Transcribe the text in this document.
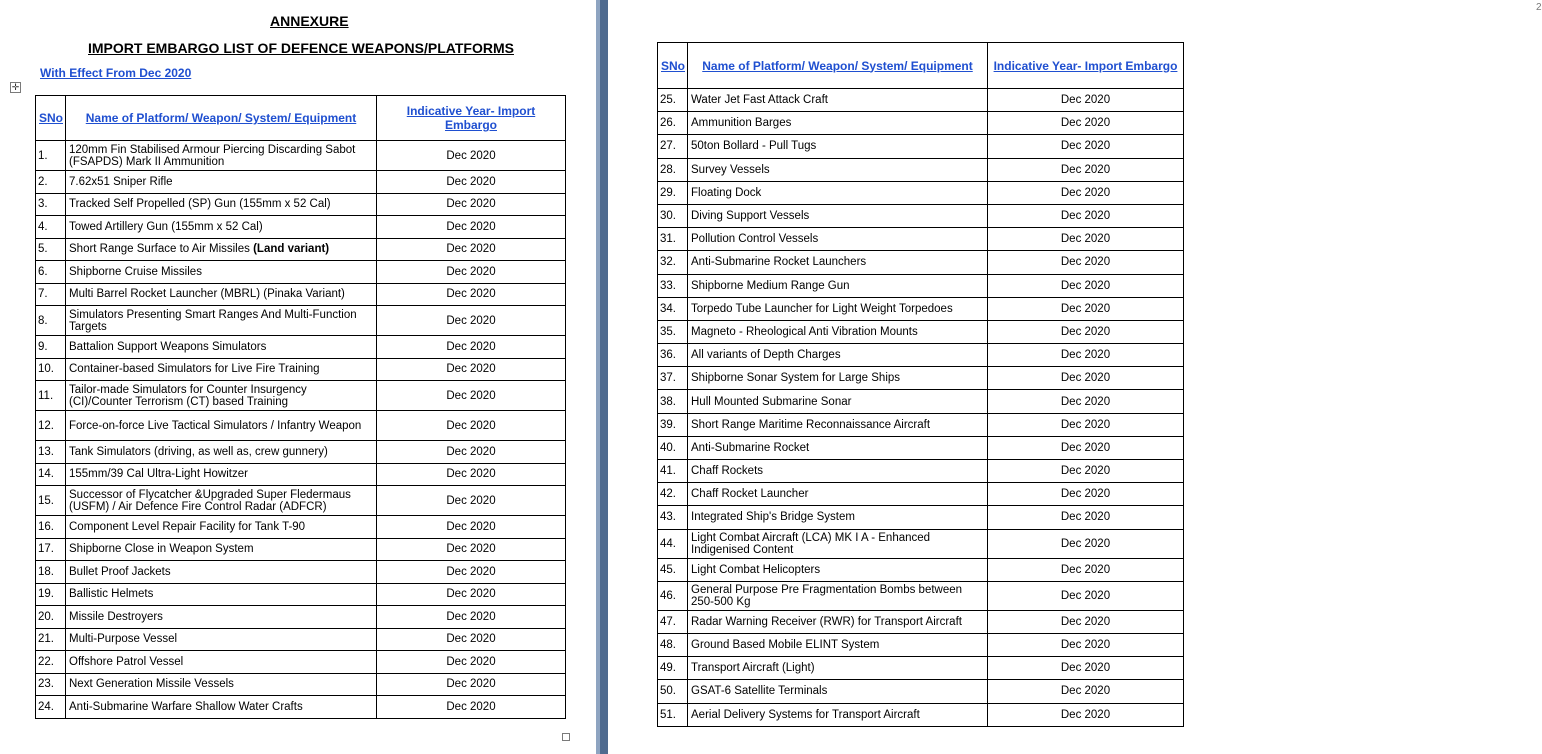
ANNEXURE
IMPORT EMBARGO LIST OF DEFENCE WEAPONS/PLATFORMS
With Effect From Dec 2020
✛
SNo	Name of Platform/ Weapon/ System/ Equipment	Indicative Year- Import Embargo
1.	120mm Fin Stabilised Armour Piercing Discarding Sabot (FSAPDS) Mark II Ammunition	Dec 2020
2.	7.62x51 Sniper Rifle	Dec 2020
3.	Tracked Self Propelled (SP) Gun (155mm x 52 Cal)	Dec 2020
4.	Towed Artillery Gun (155mm x 52 Cal)	Dec 2020
5.	Short Range Surface to Air Missiles (Land variant)	Dec 2020
6.	Shipborne Cruise Missiles	Dec 2020
7.	Multi Barrel Rocket Launcher (MBRL) (Pinaka Variant)	Dec 2020
8.	Simulators Presenting Smart Ranges And Multi-Function Targets	Dec 2020
9.	Battalion Support Weapons Simulators	Dec 2020
10.	Container-based Simulators for Live Fire Training	Dec 2020
11.	Tailor-made Simulators for Counter Insurgency (CI)/Counter Terrorism (CT) based Training	Dec 2020
12.	Force-on-force Live Tactical Simulators / Infantry Weapon	Dec 2020
13.	Tank Simulators (driving, as well as, crew gunnery)	Dec 2020
14.	155mm/39 Cal Ultra-Light Howitzer	Dec 2020
15.	Successor of Flycatcher &Upgraded Super Fledermaus (USFM) / Air Defence Fire Control Radar (ADFCR)	Dec 2020
16.	Component Level Repair Facility for Tank T-90	Dec 2020
17.	Shipborne Close in Weapon System	Dec 2020
18.	Bullet Proof Jackets	Dec 2020
19.	Ballistic Helmets	Dec 2020
20.	Missile Destroyers	Dec 2020
21.	Multi-Purpose Vessel	Dec 2020
22.	Offshore Patrol Vessel	Dec 2020
23.	Next Generation Missile Vessels	Dec 2020
24.	Anti-Submarine Warfare Shallow Water Crafts	Dec 2020
2
SNo	Name of Platform/ Weapon/ System/ Equipment	Indicative Year- Import Embargo
25.	Water Jet Fast Attack Craft	Dec 2020
26.	Ammunition Barges	Dec 2020
27.	50ton Bollard - Pull Tugs	Dec 2020
28.	Survey Vessels	Dec 2020
29.	Floating Dock	Dec 2020
30.	Diving Support Vessels	Dec 2020
31.	Pollution Control Vessels	Dec 2020
32.	Anti-Submarine Rocket Launchers	Dec 2020
33.	Shipborne Medium Range Gun	Dec 2020
34.	Torpedo Tube Launcher for Light Weight Torpedoes	Dec 2020
35.	Magneto - Rheological Anti Vibration Mounts	Dec 2020
36.	All variants of Depth Charges	Dec 2020
37.	Shipborne Sonar System for Large Ships	Dec 2020
38.	Hull Mounted Submarine Sonar	Dec 2020
39.	Short Range Maritime Reconnaissance Aircraft	Dec 2020
40.	Anti-Submarine Rocket	Dec 2020
41.	Chaff Rockets	Dec 2020
42.	Chaff Rocket Launcher	Dec 2020
43.	Integrated Ship's Bridge System	Dec 2020
44.	Light Combat Aircraft (LCA) MK I A - Enhanced Indigenised Content	Dec 2020
45.	Light Combat Helicopters	Dec 2020
46.	General Purpose Pre Fragmentation Bombs between 250-500 Kg	Dec 2020
47.	Radar Warning Receiver (RWR) for Transport Aircraft	Dec 2020
48.	Ground Based Mobile ELINT System	Dec 2020
49.	Transport Aircraft (Light)	Dec 2020
50.	GSAT-6 Satellite Terminals	Dec 2020
51.	Aerial Delivery Systems for Transport Aircraft	Dec 2020
